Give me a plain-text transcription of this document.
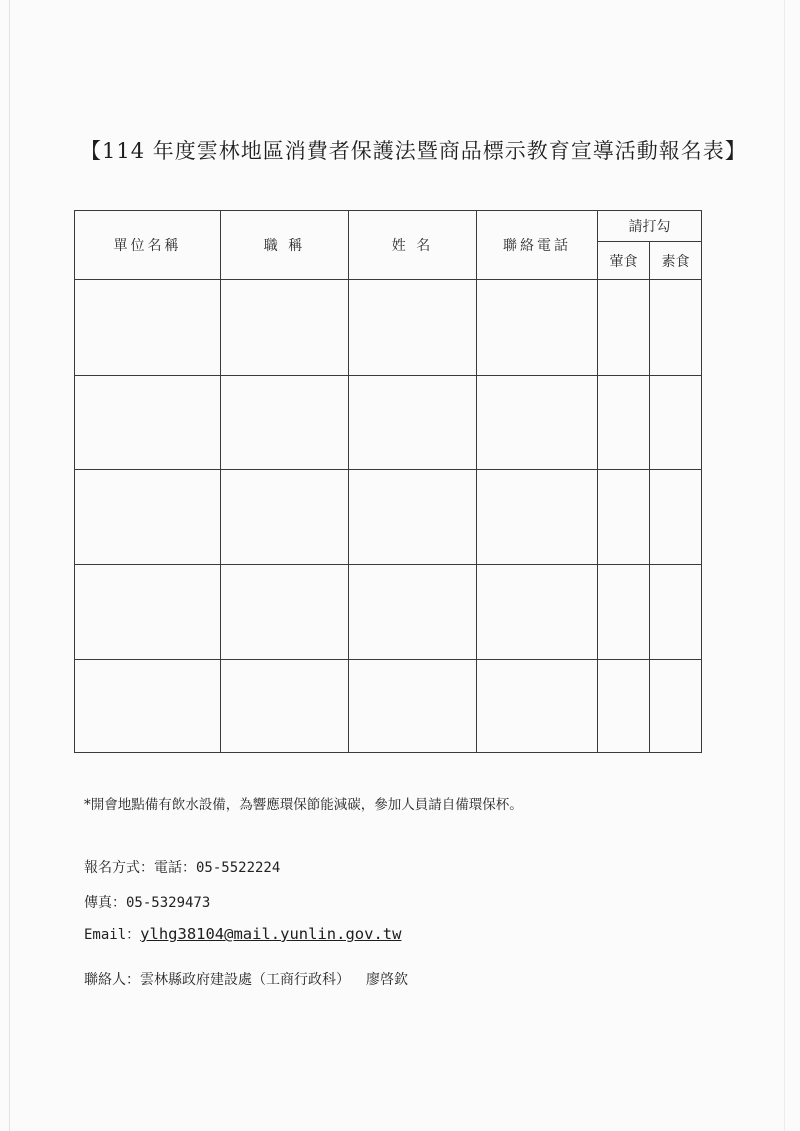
【114 年度雲林地區消費者保護法暨商品標示教育宣導活動報名表】
單位名稱	職 稱	姓 名	聯絡電話	請打勾	
				葷食	素食

*開會地點備有飲水設備，為響應環保節能減碳，參加人員請自備環保杯。
報名方式：電話：05-5522224
傳真：05-5329473
Email：ylhg38104@mail.yunlin.gov.tw
聯絡人：雲林縣政府建設處（工商行政科） 廖啓欽
